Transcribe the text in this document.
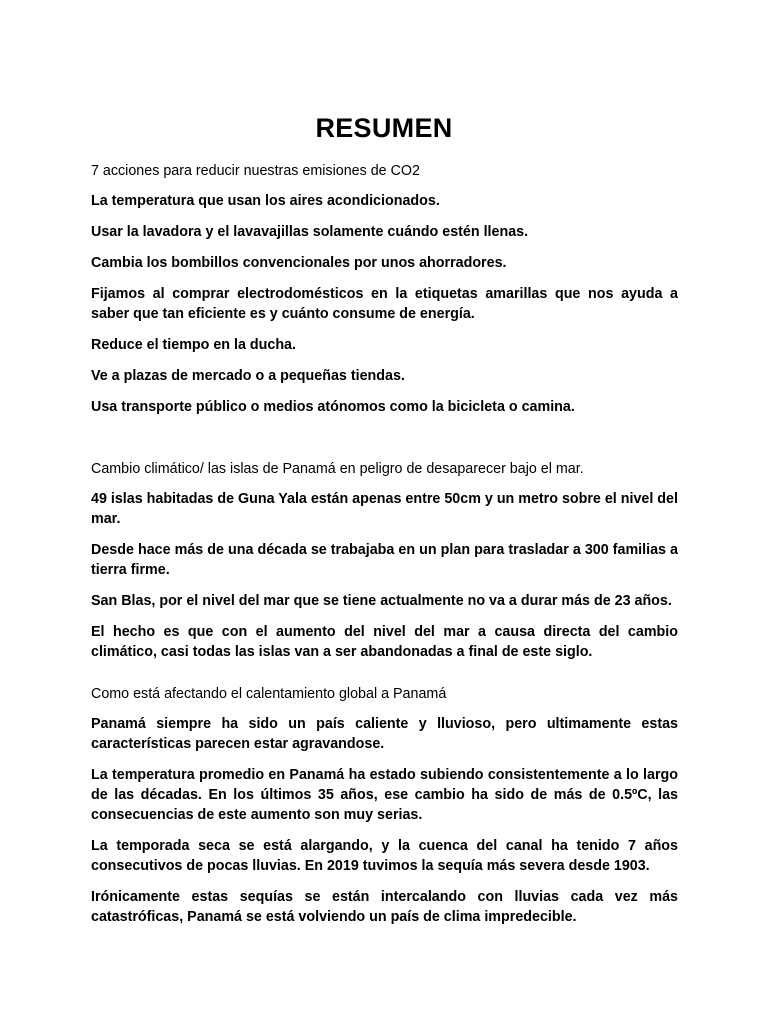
RESUMEN

7 acciones para reducir nuestras emisiones de CO2

La temperatura que usan los aires acondicionados.

Usar la lavadora y el lavavajillas solamente cuándo estén llenas.

Cambia los bombillos convencionales por unos ahorradores.

Fijamos al comprar electrodomésticos en la etiquetas amarillas que nos ayuda a saber que tan eficiente es y cuánto consume de energía.

Reduce el tiempo en la ducha.

Ve a plazas de mercado o a pequeñas tiendas.

Usa transporte público o medios atónomos como la bicicleta o camina.

Cambio climático/ las islas de Panamá en peligro de desaparecer bajo el mar.

49 islas habitadas de Guna Yala están apenas entre 50cm y un metro sobre el nivel del mar.

Desde hace más de una década se trabajaba en un plan para trasladar a 300 familias a tierra firme.

San Blas, por el nivel del mar que se tiene actualmente no va a durar más de 23 años.

El hecho es que con el aumento del nivel del mar a causa directa del cambio climático, casi todas las islas van a ser abandonadas a final de este siglo.

Como está afectando el calentamiento global a Panamá

Panamá siempre ha sido un país caliente y lluvioso, pero ultimamente estas características parecen estar agravandose.

La temperatura promedio en Panamá ha estado subiendo consistentemente a lo largo de las décadas. En los últimos 35 años, ese cambio ha sido de más de 0.5ºC, las consecuencias de este aumento son muy serias.

La temporada seca se está alargando, y la cuenca del canal ha tenido 7 años consecutivos de pocas lluvias. En 2019 tuvimos la sequía más severa desde 1903.

Irónicamente estas sequías se están intercalando con lluvias cada vez más catastróficas, Panamá se está volviendo un país de clima impredecible.
